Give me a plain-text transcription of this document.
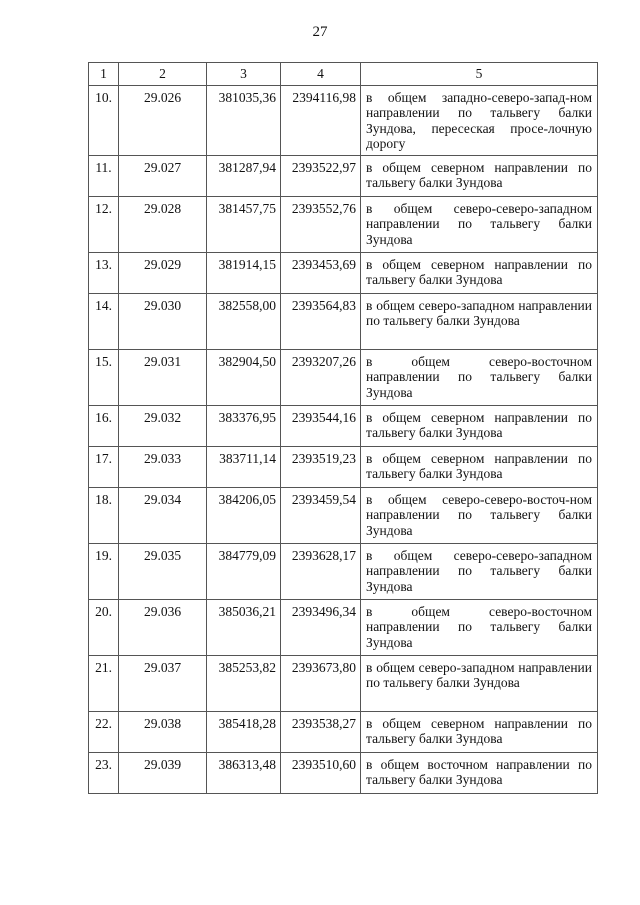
27
1	2	3	4	5
10.	29.026	381035,36	2394116,98	в общем западно-северо-запад-ном направлении по тальвегу балки Зундова, пересеская просе-лочную дорогу
11.	29.027	381287,94	2393522,97	в общем северном направлении по тальвегу балки Зундова
12.	29.028	381457,75	2393552,76	в общем северо-северо-западном направлении по тальвегу балки Зундова
13.	29.029	381914,15	2393453,69	в общем северном направлении по тальвегу балки Зундова
14.	29.030	382558,00	2393564,83	в общем северо-западном направлении по тальвегу балки Зундова
15.	29.031	382904,50	2393207,26	в общем северо-восточном направлении по тальвегу балки Зундова
16.	29.032	383376,95	2393544,16	в общем северном направлении по тальвегу балки Зундова
17.	29.033	383711,14	2393519,23	в общем северном направлении по тальвегу балки Зундова
18.	29.034	384206,05	2393459,54	в общем северо-северо-восточ-ном направлении по тальвегу балки Зундова
19.	29.035	384779,09	2393628,17	в общем северо-северо-западном направлении по тальвегу балки Зундова
20.	29.036	385036,21	2393496,34	в общем северо-восточном направлении по тальвегу балки Зундова
21.	29.037	385253,82	2393673,80	в общем северо-западном направлении по тальвегу балки Зундова
22.	29.038	385418,28	2393538,27	в общем северном направлении по тальвегу балки Зундова
23.	29.039	386313,48	2393510,60	в общем восточном направлении по тальвегу балки Зундова
